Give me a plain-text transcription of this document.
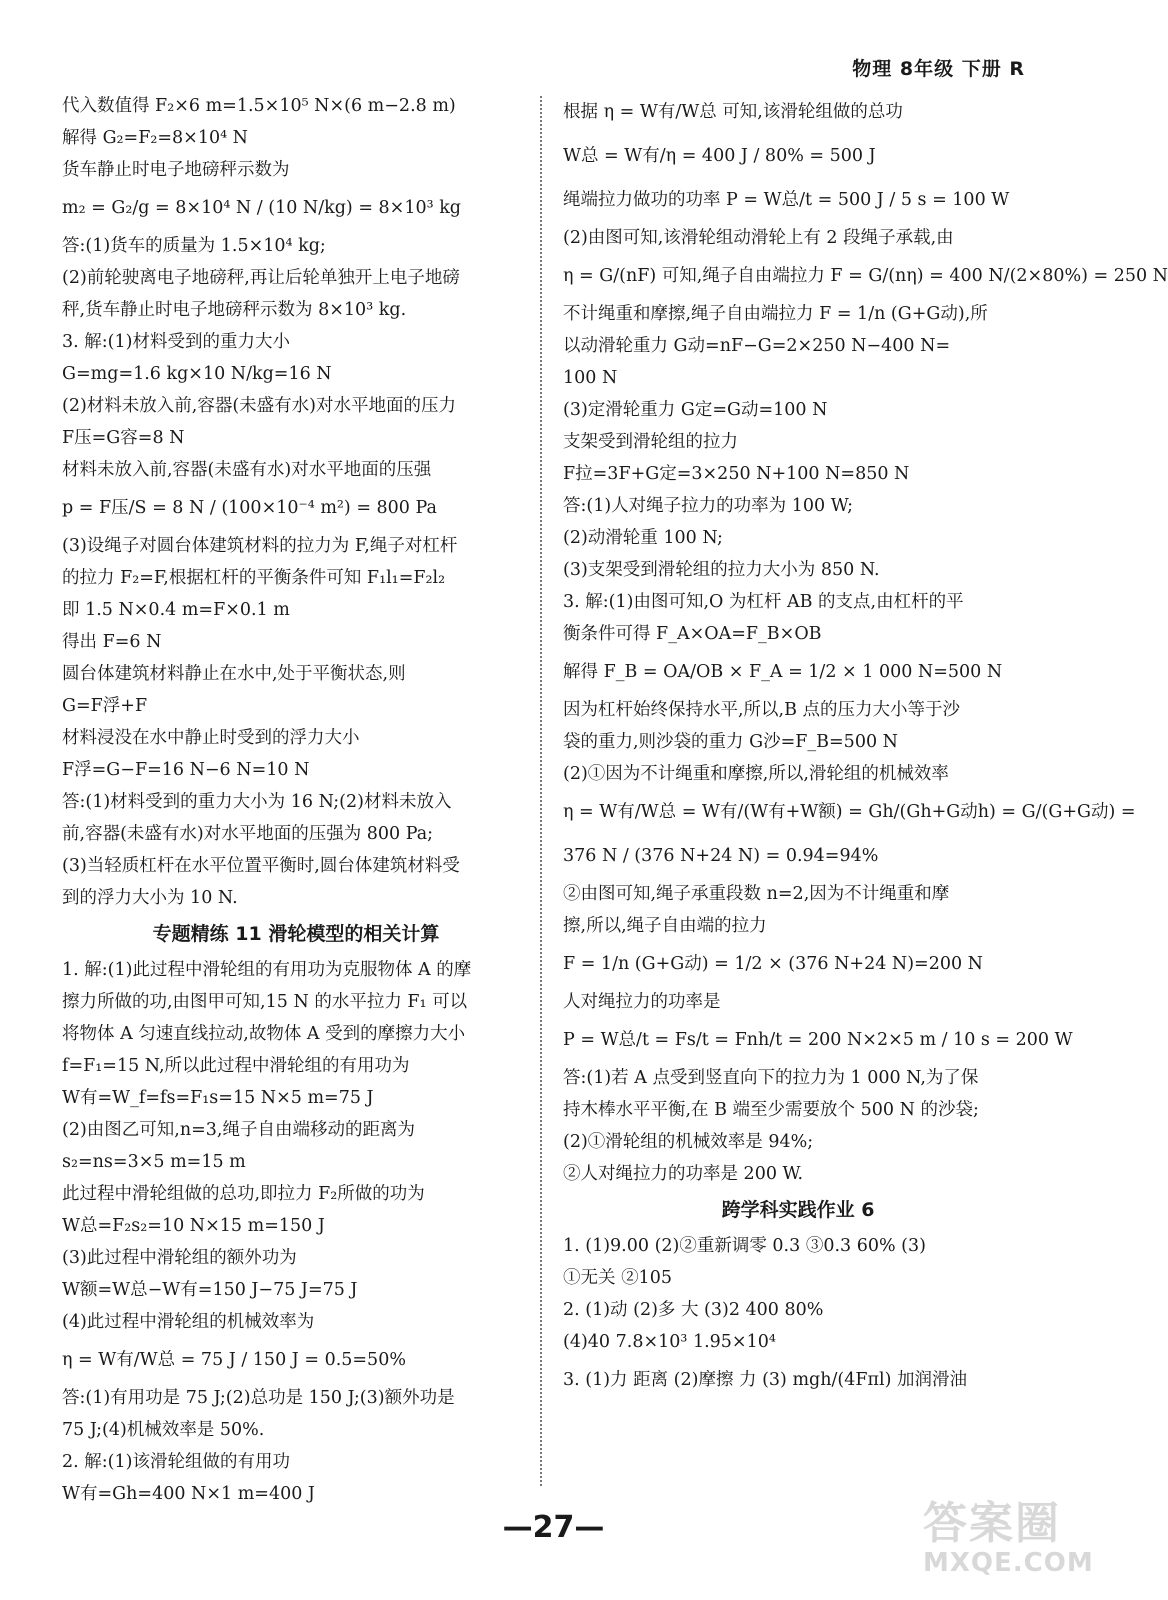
物理 8年级 下册 R
代入数值得 F₂×6 m=1.5×10⁵ N×(6 m−2.8 m)
解得 G₂=F₂=8×10⁴ N
货车静止时电子地磅秤示数为
m₂ = G₂/g = 8×10⁴ N / (10 N/kg) = 8×10³ kg
答:(1)货车的质量为 1.5×10⁴ kg;
(2)前轮驶离电子地磅秤,再让后轮单独开上电子地磅
秤,货车静止时电子地磅秤示数为 8×10³ kg.
3. 解:(1)材料受到的重力大小
G=mg=1.6 kg×10 N/kg=16 N
(2)材料未放入前,容器(未盛有水)对水平地面的压力
F压=G容=8 N
材料未放入前,容器(未盛有水)对水平地面的压强
p = F压/S = 8 N / (100×10⁻⁴ m²) = 800 Pa
(3)设绳子对圆台体建筑材料的拉力为 F,绳子对杠杆
的拉力 F₂=F,根据杠杆的平衡条件可知 F₁l₁=F₂l₂
即 1.5 N×0.4 m=F×0.1 m
得出 F=6 N
圆台体建筑材料静止在水中,处于平衡状态,则
G=F浮+F
材料浸没在水中静止时受到的浮力大小
F浮=G−F=16 N−6 N=10 N
答:(1)材料受到的重力大小为 16 N;(2)材料未放入
前,容器(未盛有水)对水平地面的压强为 800 Pa;
(3)当轻质杠杆在水平位置平衡时,圆台体建筑材料受
到的浮力大小为 10 N.
专题精练 11 滑轮模型的相关计算
1. 解:(1)此过程中滑轮组的有用功为克服物体 A 的摩
擦力所做的功,由图甲可知,15 N 的水平拉力 F₁ 可以
将物体 A 匀速直线拉动,故物体 A 受到的摩擦力大小
f=F₁=15 N,所以此过程中滑轮组的有用功为
W有=W_f=fs=F₁s=15 N×5 m=75 J
(2)由图乙可知,n=3,绳子自由端移动的距离为
s₂=ns=3×5 m=15 m
此过程中滑轮组做的总功,即拉力 F₂所做的功为
W总=F₂s₂=10 N×15 m=150 J
(3)此过程中滑轮组的额外功为
W额=W总−W有=150 J−75 J=75 J
(4)此过程中滑轮组的机械效率为
η = W有/W总 = 75 J / 150 J = 0.5=50%
答:(1)有用功是 75 J;(2)总功是 150 J;(3)额外功是
75 J;(4)机械效率是 50%.
2. 解:(1)该滑轮组做的有用功
W有=Gh=400 N×1 m=400 J
根据 η = W有/W总 可知,该滑轮组做的总功
W总 = W有/η = 400 J / 80% = 500 J
绳端拉力做功的功率 P = W总/t = 500 J / 5 s = 100 W
(2)由图可知,该滑轮组动滑轮上有 2 段绳子承载,由
η = G/(nF) 可知,绳子自由端拉力 F = G/(nη) = 400 N/(2×80%) = 250 N
不计绳重和摩擦,绳子自由端拉力 F = 1/n (G+G动),所
以动滑轮重力 G动=nF−G=2×250 N−400 N=
100 N
(3)定滑轮重力 G定=G动=100 N
支架受到滑轮组的拉力
F拉=3F+G定=3×250 N+100 N=850 N
答:(1)人对绳子拉力的功率为 100 W;
(2)动滑轮重 100 N;
(3)支架受到滑轮组的拉力大小为 850 N.
3. 解:(1)由图可知,O 为杠杆 AB 的支点,由杠杆的平
衡条件可得 F_A×OA=F_B×OB
解得 F_B = OA/OB × F_A = 1/2 × 1 000 N=500 N
因为杠杆始终保持水平,所以,B 点的压力大小等于沙
袋的重力,则沙袋的重力 G沙=F_B=500 N
(2)①因为不计绳重和摩擦,所以,滑轮组的机械效率
η = W有/W总 = W有/(W有+W额) = Gh/(Gh+G动h) = G/(G+G动) =
376 N / (376 N+24 N) = 0.94=94%
②由图可知,绳子承重段数 n=2,因为不计绳重和摩
擦,所以,绳子自由端的拉力
F = 1/n (G+G动) = 1/2 × (376 N+24 N)=200 N
人对绳拉力的功率是
P = W总/t = Fs/t = Fnh/t = 200 N×2×5 m / 10 s = 200 W
答:(1)若 A 点受到竖直向下的拉力为 1 000 N,为了保
持木棒水平平衡,在 B 端至少需要放个 500 N 的沙袋;
(2)①滑轮组的机械效率是 94%;
②人对绳拉力的功率是 200 W.
跨学科实践作业 6
1. (1)9.00 (2)②重新调零 0.3 ③0.3 60% (3)
①无关 ②105
2. (1)动 (2)多 大 (3)2 400 80%
(4)40 7.8×10³ 1.95×10⁴
3. (1)力 距离 (2)摩擦 力 (3) mgh/(4Fπl) 加润滑油
—27—	答案圈
MXQE.COM
